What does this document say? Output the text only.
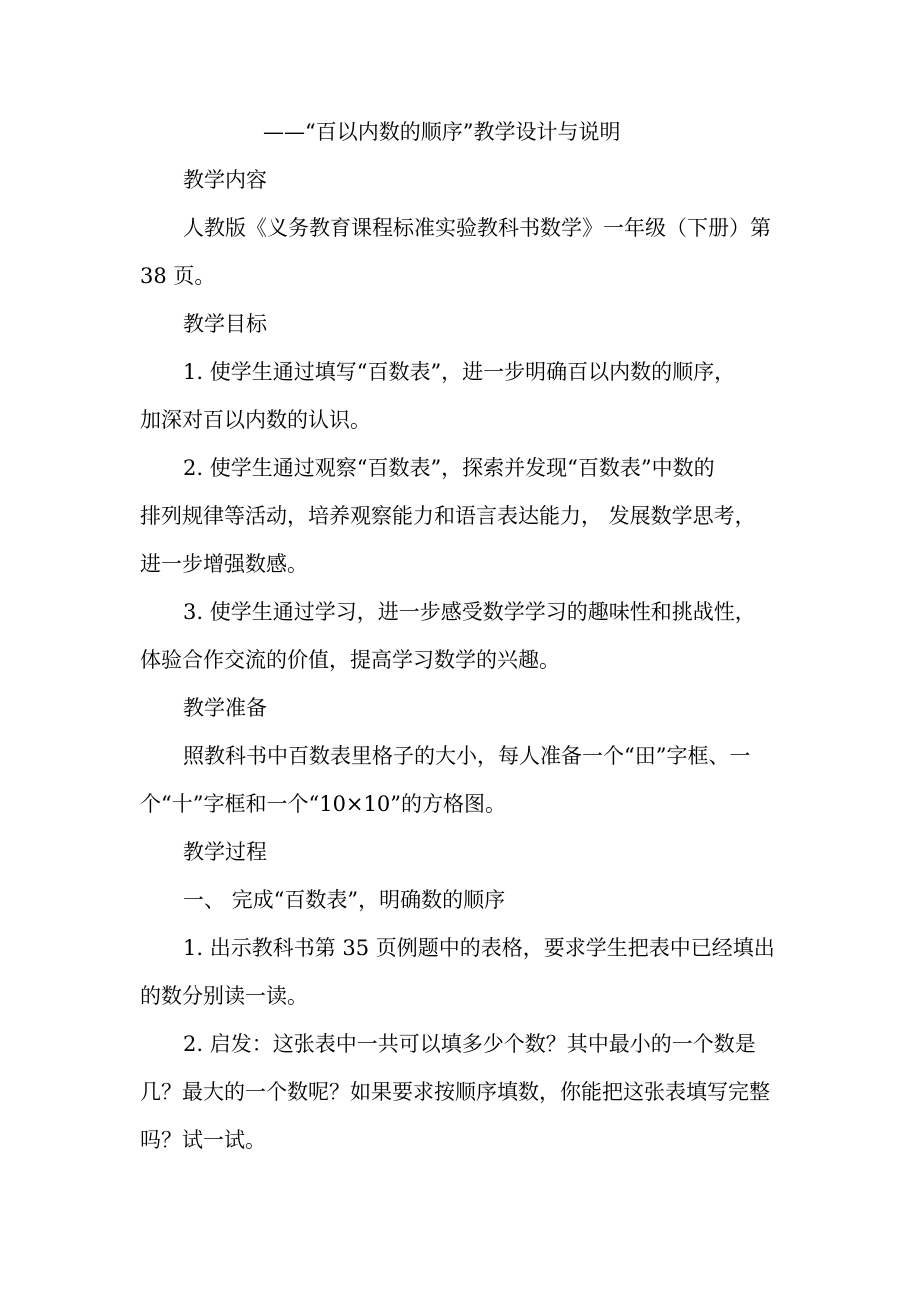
——“百以内数的顺序”教学设计与说明
教学内容
人教版《义务教育课程标准实验教科书数学》一年级（下册）第
38 页。
教学目标
1. 使学生通过填写“百数表”，进一步明确百以内数的顺序，
加深对百以内数的认识。
2. 使学生通过观察“百数表”，探索并发现“百数表”中数的
排列规律等活动，培养观察能力和语言表达能力， 发展数学思考，
进一步增强数感。
3. 使学生通过学习，进一步感受数学学习的趣味性和挑战性，
体验合作交流的价值，提高学习数学的兴趣。
教学准备
照教科书中百数表里格子的大小，每人准备一个“田”字框、一
个“十”字框和一个“10×10”的方格图。
教学过程
一、 完成“百数表”，明确数的顺序
1. 出示教科书第 35 页例题中的表格，要求学生把表中已经填出
的数分别读一读。
2. 启发：这张表中一共可以填多少个数？其中最小的一个数是
几？最大的一个数呢？如果要求按顺序填数，你能把这张表填写完整
吗？试一试。
